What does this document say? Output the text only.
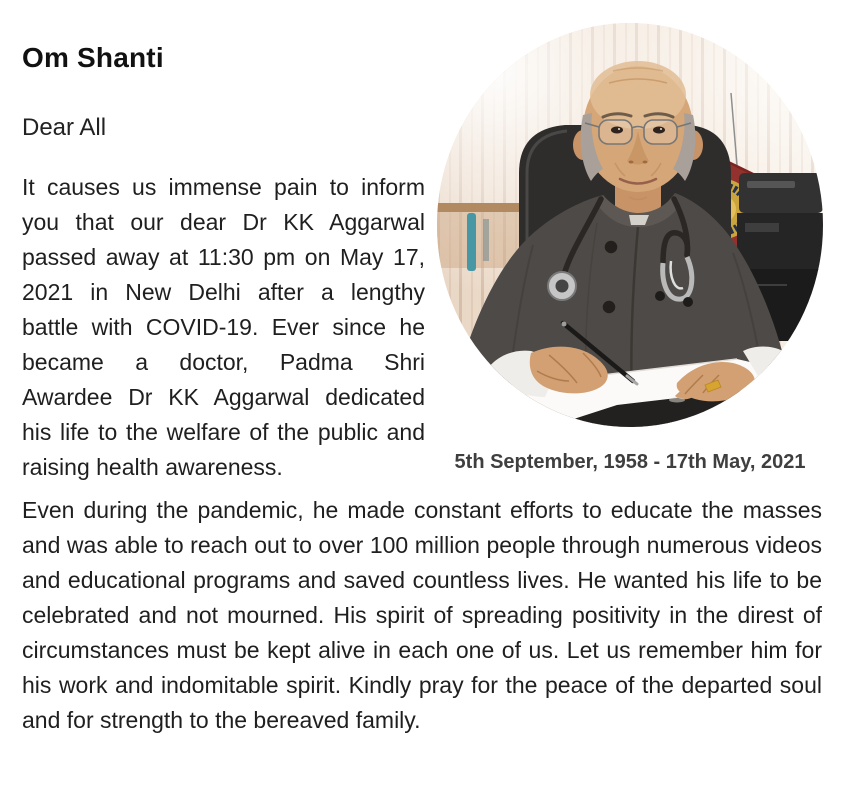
Om Shanti
Dear All
It causes us immense pain to inform
you that our dear Dr KK Aggarwal
passed away at 11:30 pm on May 17,
2021 in New Delhi after a lengthy
battle with COVID-19. Ever since he
became a doctor, Padma Shri
Awardee Dr KK Aggarwal dedicated
his life to the welfare of the public and
raising health awareness.	5th September, 1958 - 17th May, 2021
Even during the pandemic, he made constant efforts to educate the masses
and was able to reach out to over 100 million people through numerous videos
and educational programs and saved countless lives. He wanted his life to be
celebrated and not mourned. His spirit of spreading positivity in the direst of
circumstances must be kept alive in each one of us. Let us remember him for
his work and indomitable spirit. Kindly pray for the peace of the departed soul
and for strength to the bereaved family.
